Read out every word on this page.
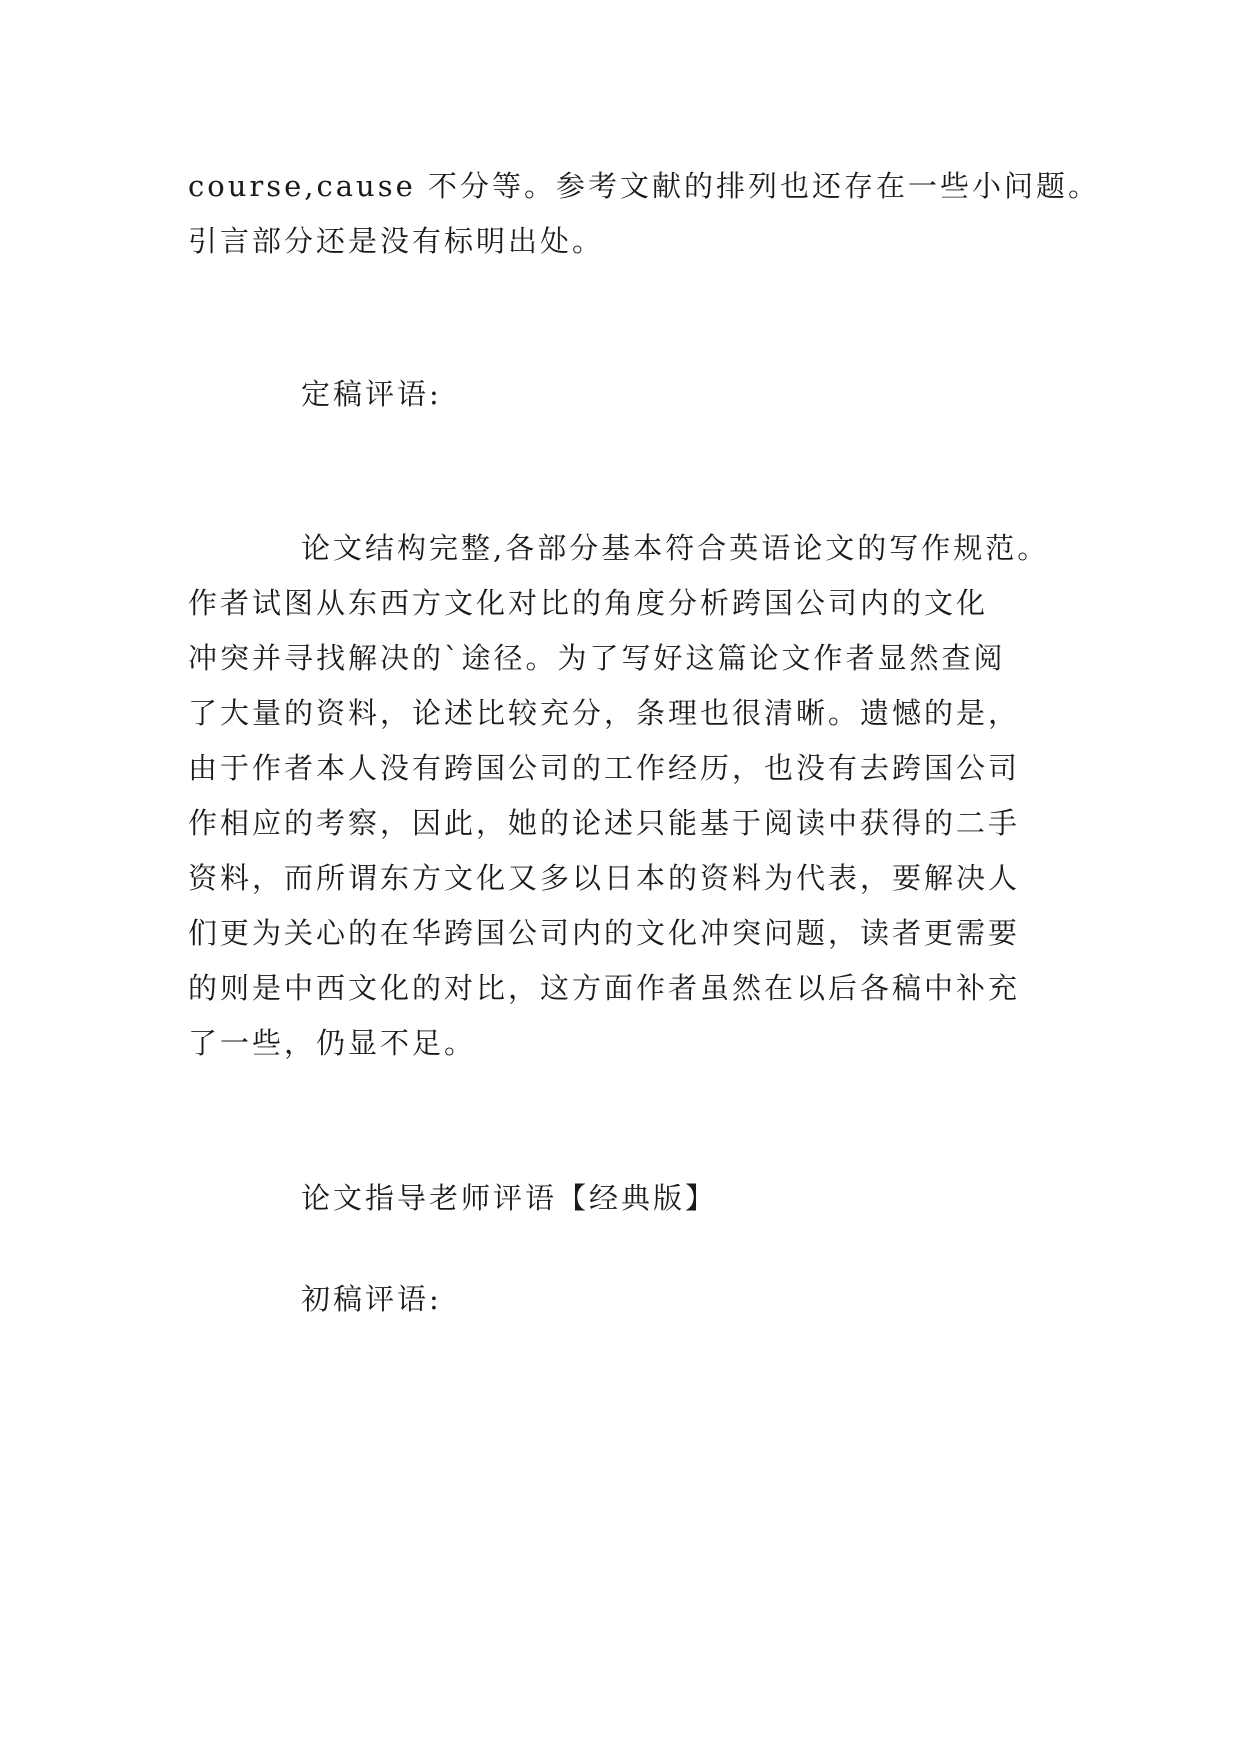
course,cause 不分等。参考文献的排列也还存在一些小问题。

引言部分还是没有标明出处。

定稿评语:

论文结构完整,各部分基本符合英语论文的写作规范。

作者试图从东西方文化对比的角度分析跨国公司内的文化

冲突并寻找解决的`途径。为了写好这篇论文作者显然查阅

了大量的资料，论述比较充分，条理也很清晰。遗憾的是，

由于作者本人没有跨国公司的工作经历，也没有去跨国公司

作相应的考察，因此，她的论述只能基于阅读中获得的二手

资料，而所谓东方文化又多以日本的资料为代表，要解决人

们更为关心的在华跨国公司内的文化冲突问题，读者更需要

的则是中西文化的对比，这方面作者虽然在以后各稿中补充

了一些，仍显不足。

论文指导老师评语【经典版】

初稿评语:
